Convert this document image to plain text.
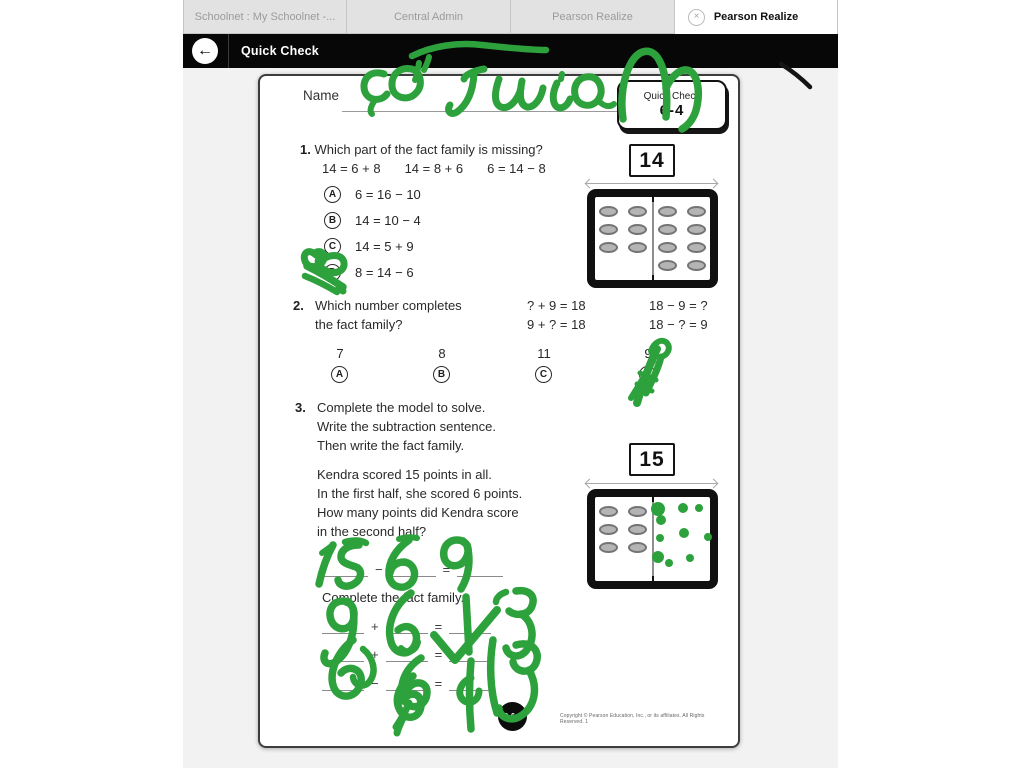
Schoolnet : My Schoolnet -...	Central Admin	Pearson Realize	×	Pearson Realize
← Quick Check
Name	Quick Check
6-4
1. Which part of the fact family is missing?
14 = 6 + 8 14 = 8 + 6 6 = 14 − 8
A	6 = 16 − 10
B	14 = 10 − 4
C	14 = 5 + 9
D	8 = 14 − 6
14
2. Which number completes
the fact family?
? + 9 = 18
9 + ? = 18
18 − 9 = ?
18 − ? = 9
7	8	11	9
A	B	C	D
3. Complete the model to solve.
Write the subtraction sentence.
Then write the fact family.
Kendra scored 15 points in all.
In the first half, she scored 6 points.
How many points did Kendra score
in the second half?
15
−	=
Complete the fact family.
+	=
+	=
−	=
Q 6-4	Copyright © Pearson Education, Inc., or its affiliates. All Rights Reserved. 1
